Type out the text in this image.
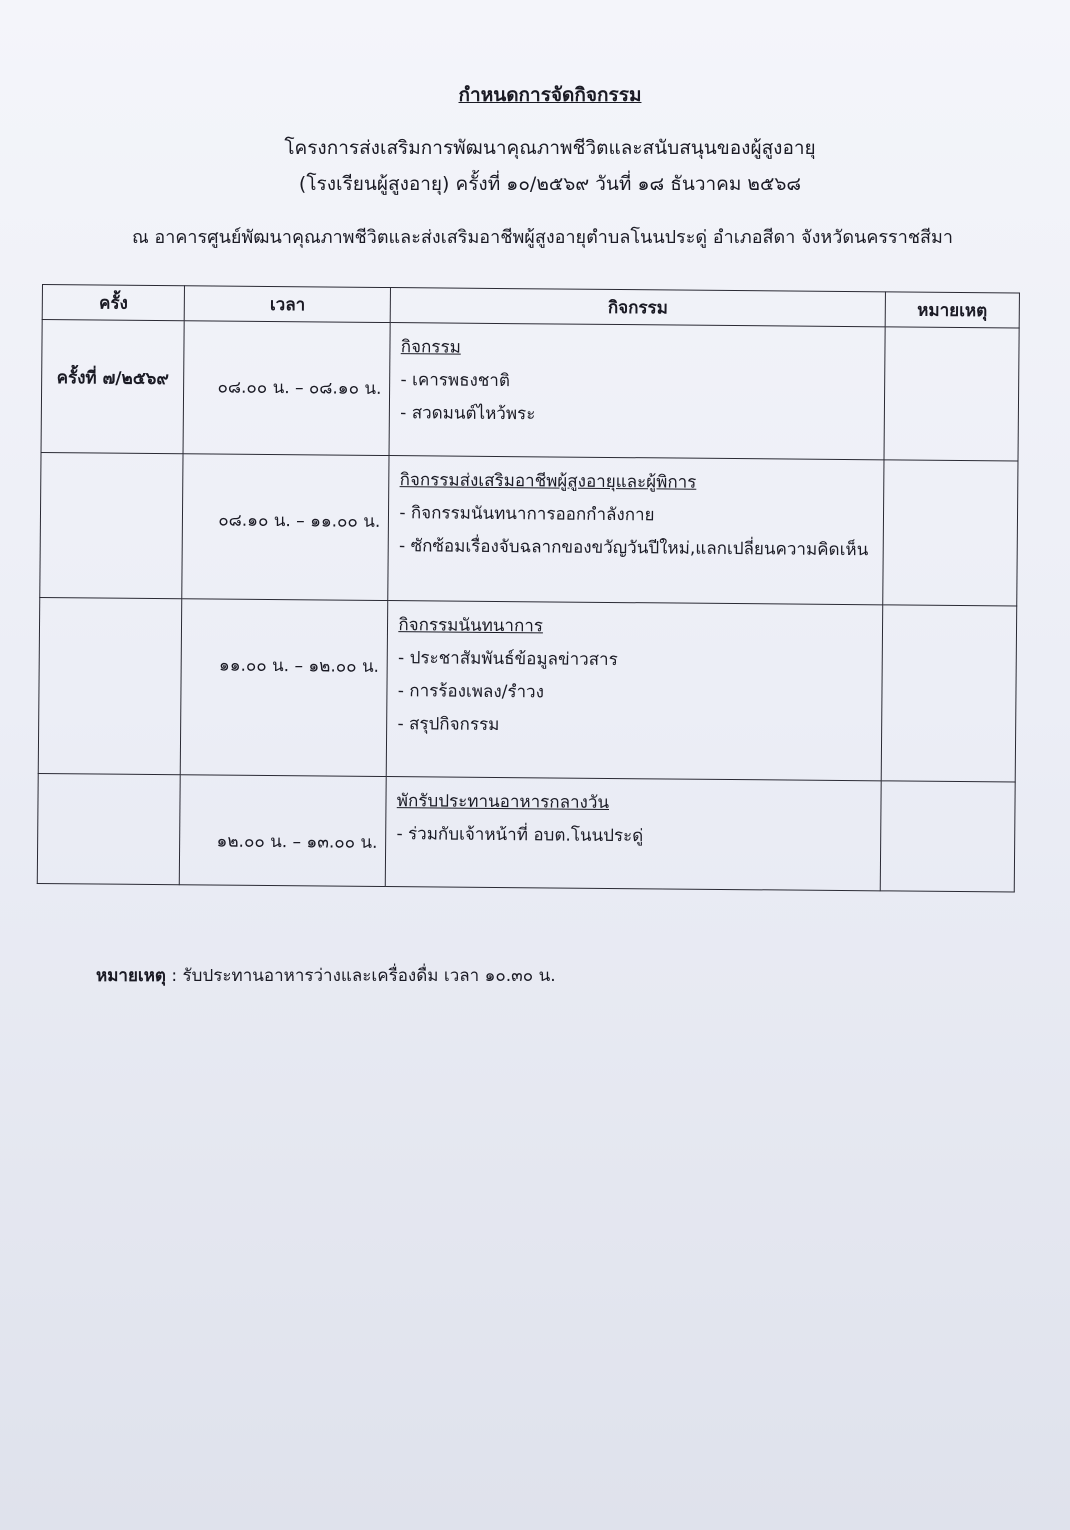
กำหนดการจัดกิจกรรม
โครงการส่งเสริมการพัฒนาคุณภาพชีวิตและสนับสนุนของผู้สูงอายุ
(โรงเรียนผู้สูงอายุ) ครั้งที่ ๑๐/๒๕๖๙ วันที่ ๑๘ ธันวาคม ๒๕๖๘
ณ อาคารศูนย์พัฒนาคุณภาพชีวิตและส่งเสริมอาชีพผู้สูงอายุตำบลโนนประดู่ อำเภอสีดา จังหวัดนครราชสีมา
ครั้ง	เวลา	กิจกรรม	หมายเหตุ
ครั้งที่ ๗/๒๕๖๙	๐๘.๐๐ น. – ๐๘.๑๐ น.	กิจกรรม
- เคารพธงชาติ
- สวดมนต์ไหว้พระ	

	๐๘.๑๐ น. – ๑๑.๐๐ น.	กิจกรรมส่งเสริมอาชีพผู้สูงอายุและผู้พิการ
- กิจกรรมนันทนาการออกกำลังกาย
- ซักซ้อมเรื่องจับฉลากของขวัญวันปีใหม่,แลกเปลี่ยนความคิดเห็น	

	๑๑.๐๐ น. – ๑๒.๐๐ น.	กิจกรรมนันทนาการ
- ประชาสัมพันธ์ข้อมูลข่าวสาร
- การร้องเพลง/รำวง
- สรุปกิจกรรม	

	๑๒.๐๐ น. – ๑๓.๐๐ น.	พักรับประทานอาหารกลางวัน
- ร่วมกับเจ้าหน้าที่ อบต.โนนประดู่	

หมายเหตุ : รับประทานอาหารว่างและเครื่องดื่ม เวลา ๑๐.๓๐ น.
